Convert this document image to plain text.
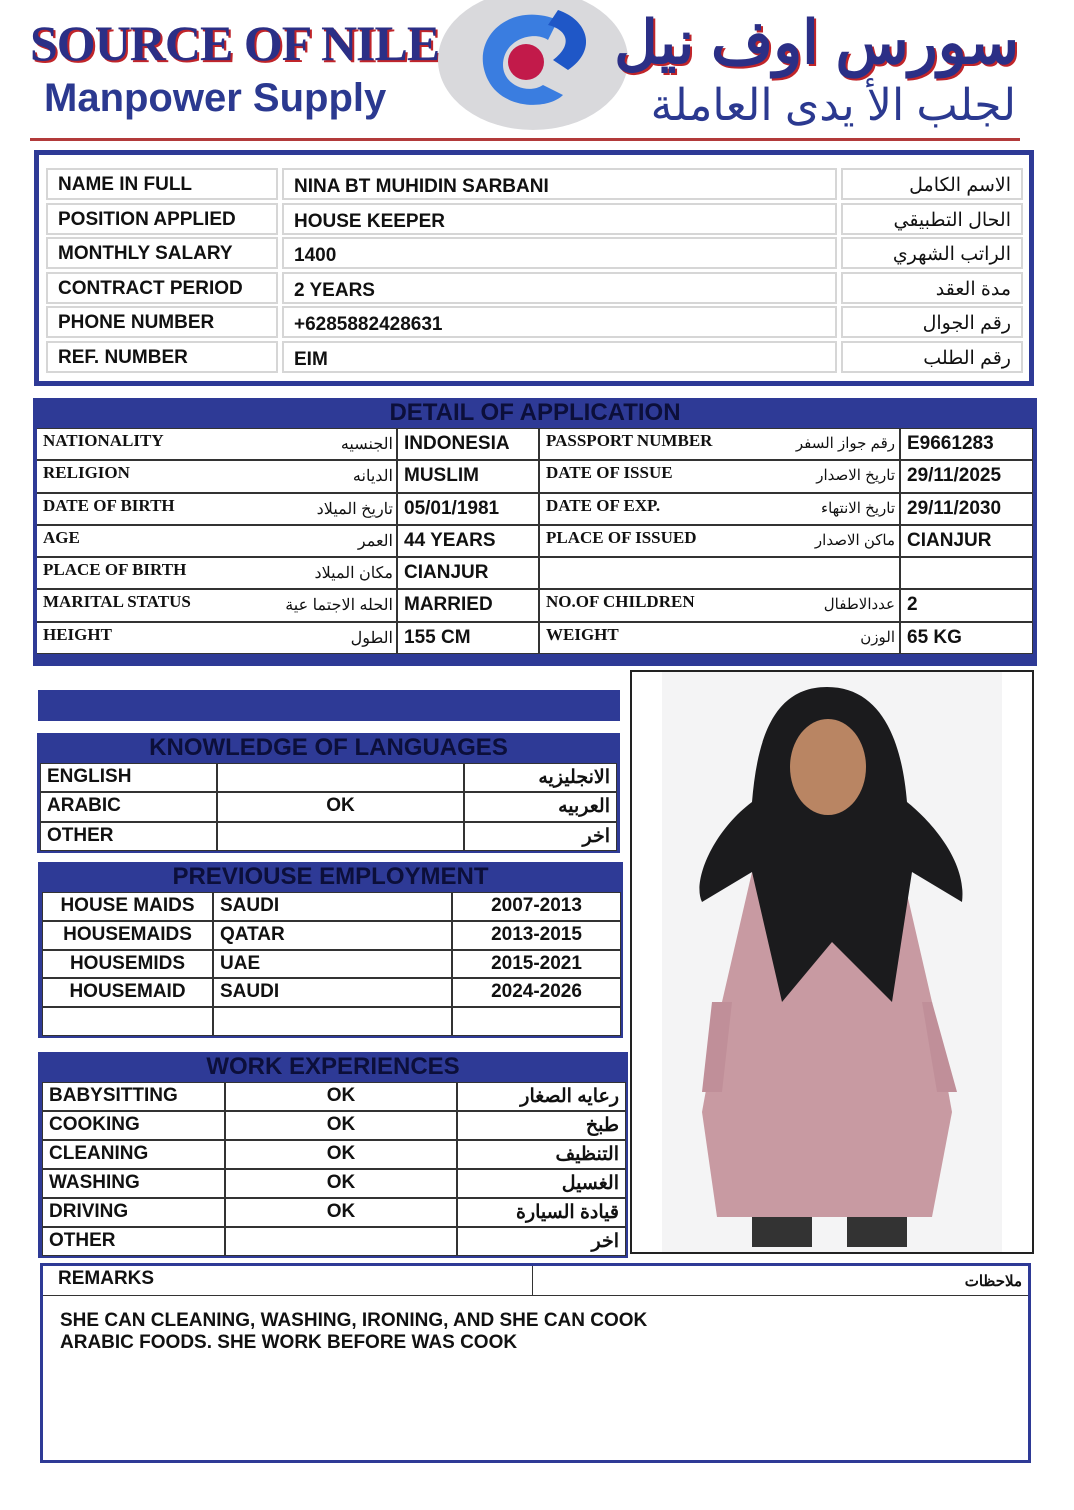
SOURCE OF NILE
Manpower Supply
سورس اوف نيل
لجلب الأ يدى العاملة
NAME IN FULL	NINA BT MUHIDIN SARBANI	الاسم الكامل
POSITION APPLIED	HOUSE KEEPER	الحال التطبيقي
MONTHLY SALARY	1400	الراتب الشهري
CONTRACT PERIOD	2 YEARS	مدة العقد
PHONE NUMBER	+6285882428631	رقم الجوال
REF. NUMBER	EIM	رقم الطلب
DETAIL OF APPLICATION
NATIONALITY	الجنسيه INDONESIA	PASSPORT NUMBER	رقم جواز السفر E9661283
RELIGION	الديانه MUSLIM	DATE OF ISSUE	تاريخ الاصدار 29/11/2025
DATE OF BIRTH	تاريخ الميلاد 05/01/1981	DATE OF EXP.	تاريخ الانتهاء 29/11/2030
AGE	العمر 44 YEARS	PLACE OF ISSUED	ماكن الاصدار CIANJUR
PLACE OF BIRTH	مكان الميلاد CIANJUR
MARITAL STATUS	الحله الاجتما عية MARRIED	NO.OF CHILDREN	عددالاطفال 2
HEIGHT	الطول 155 CM	WEIGHT	الوزن 65 KG
KNOWLEDGE OF LANGUAGES
ENGLISH	الانجليزيه
ARABIC	OK	العربيه
OTHER	اخر
PREVIOUSE EMPLOYMENT
HOUSE MAIDS	SAUDI	2007-2013
HOUSEMAIDS	QATAR	2013-2015
HOUSEMIDS	UAE	2015-2021
HOUSEMAID	SAUDI	2024-2026
WORK EXPERIENCES
BABYSITTING	OK	رعايه الصغار
COOKING	OK	طبخ
CLEANING	OK	التنظيف
WASHING	OK	الغسيل
DRIVING	OK	قيادة السيارة
OTHER	اخر
REMARKS	ملاحظات
SHE CAN CLEANING, WASHING, IRONING, AND SHE CAN COOK
ARABIC FOODS. SHE WORK BEFORE WAS COOK
